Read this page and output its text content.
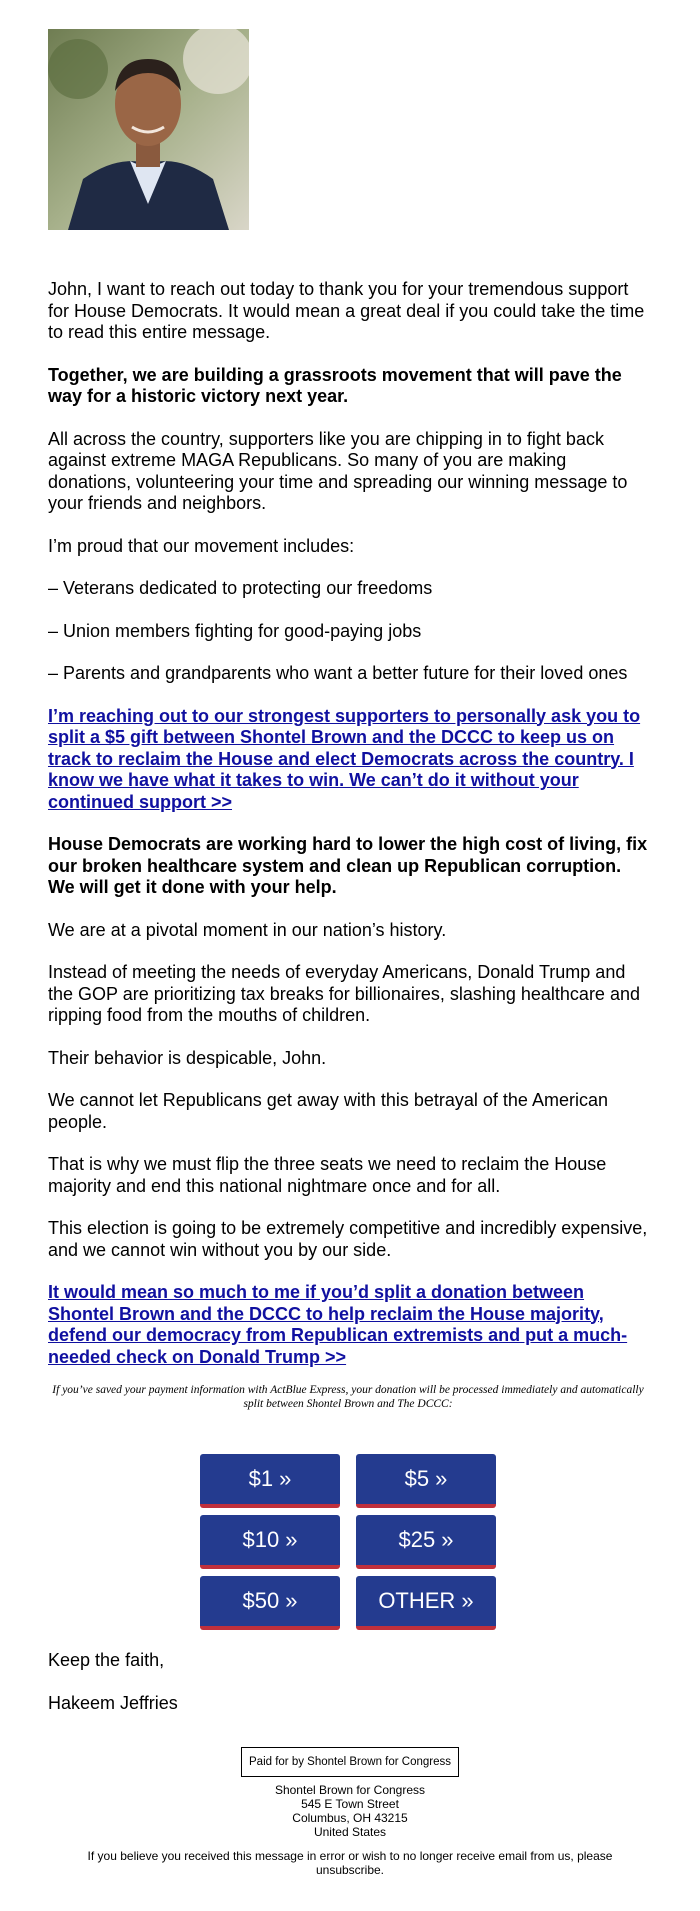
John, I want to reach out today to thank you for your tremendous support for House Democrats. It would mean a great deal if you could take the time to read this entire message.

Together, we are building a grassroots movement that will pave the way for a historic victory next year.

All across the country, supporters like you are chipping in to fight back against extreme MAGA Republicans. So many of you are making donations, volunteering your time and spreading our winning message to your friends and neighbors.

I’m proud that our movement includes:

– Veterans dedicated to protecting our freedoms

– Union members fighting for good-paying jobs

– Parents and grandparents who want a better future for their loved ones

I’m reaching out to our strongest supporters to personally ask you to split a $5 gift between Shontel Brown and the DCCC to keep us on track to reclaim the House and elect Democrats across the country. I know we have what it takes to win. We can’t do it without your continued support >>

House Democrats are working hard to lower the high cost of living, fix our broken healthcare system and clean up Republican corruption. We will get it done with your help.

We are at a pivotal moment in our nation’s history.

Instead of meeting the needs of everyday Americans, Donald Trump and the GOP are prioritizing tax breaks for billionaires, slashing healthcare and ripping food from the mouths of children.

Their behavior is despicable, John.

We cannot let Republicans get away with this betrayal of the American people.

That is why we must flip the three seats we need to reclaim the House majority and end this national nightmare once and for all.

This election is going to be extremely competitive and incredibly expensive, and we cannot win without you by our side.

It would mean so much to me if you’d split a donation between Shontel Brown and the DCCC to help reclaim the House majority, defend our democracy from Republican extremists and put a much-needed check on Donald Trump >>

If you’ve saved your payment information with ActBlue Express, your donation will be processed immediately and automatically split between Shontel Brown and The DCCC:

$1 »	$5 »
$10 »	$25 »
$50 »	OTHER »

Keep the faith,

Hakeem Jeffries

Paid for by Shontel Brown for Congress
Shontel Brown for Congress
545 E Town Street
Columbus, OH 43215
United States
If you believe you received this message in error or wish to no longer receive email from us, please unsubscribe.
